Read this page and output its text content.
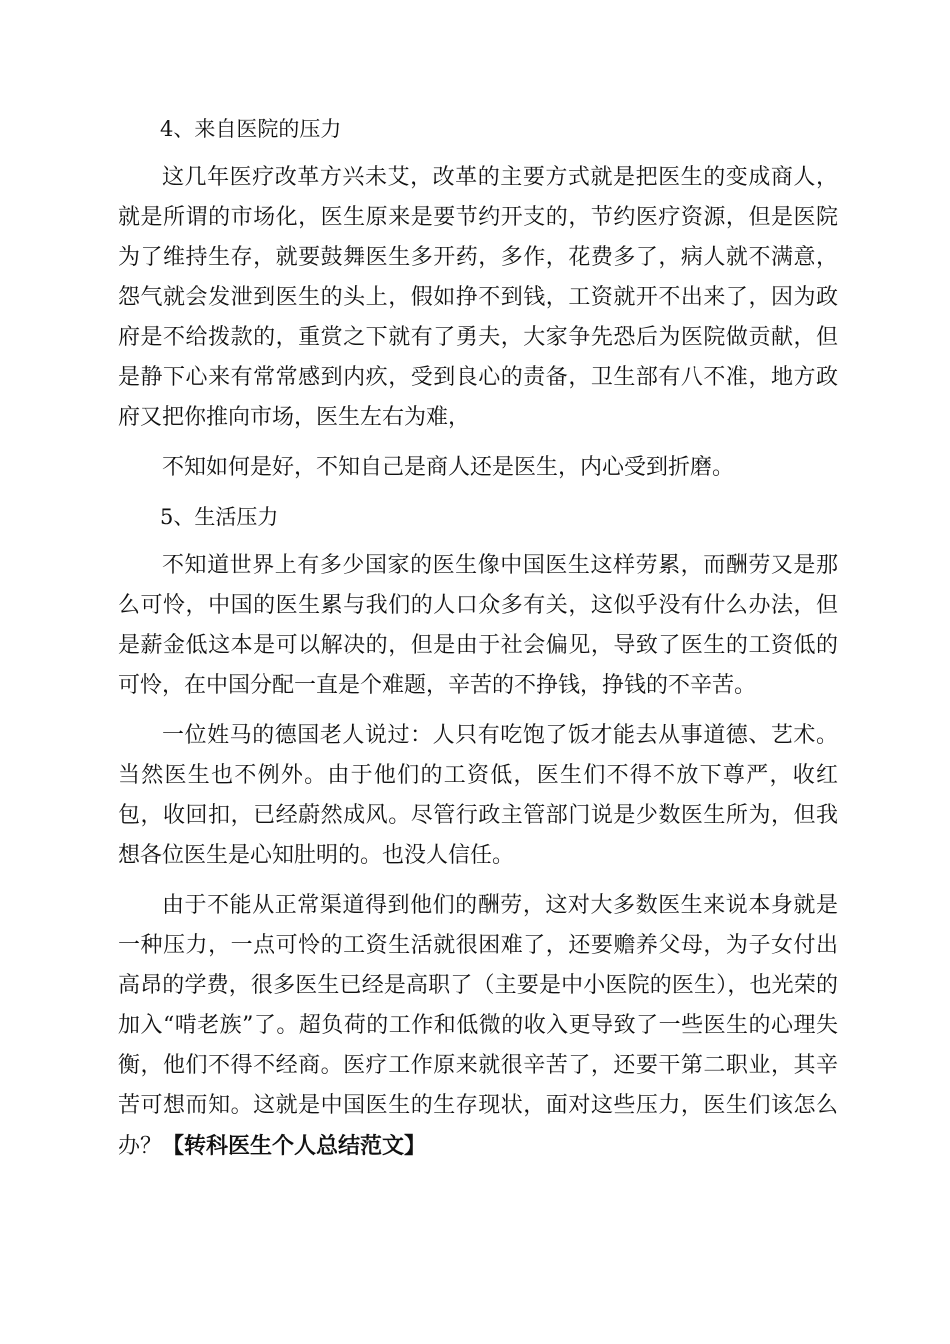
4、来自医院的压力

这几年医疗改革方兴未艾，改革的主要方式就是把医生的变成商人，就是所谓的市场化，医生原来是要节约开支的，节约医疗资源，但是医院为了维持生存，就要鼓舞医生多开药，多作，花费多了，病人就不满意，怨气就会发泄到医生的头上，假如挣不到钱，工资就开不出来了，因为政府是不给拨款的，重赏之下就有了勇夫，大家争先恐后为医院做贡献，但是静下心来有常常感到内疚，受到良心的责备，卫生部有八不准，地方政府又把你推向市场，医生左右为难，

不知如何是好，不知自己是商人还是医生，内心受到折磨。

5、生活压力

不知道世界上有多少国家的医生像中国医生这样劳累，而酬劳又是那么可怜，中国的医生累与我们的人口众多有关，这似乎没有什么办法，但是薪金低这本是可以解决的，但是由于社会偏见，导致了医生的工资低的可怜，在中国分配一直是个难题，辛苦的不挣钱，挣钱的不辛苦。

一位姓马的德国老人说过：人只有吃饱了饭才能去从事道德、艺术。当然医生也不例外。由于他们的工资低，医生们不得不放下尊严，收红包，收回扣，已经蔚然成风。尽管行政主管部门说是少数医生所为，但我想各位医生是心知肚明的。也没人信任。

由于不能从正常渠道得到他们的酬劳，这对大多数医生来说本身就是一种压力，一点可怜的工资生活就很困难了，还要赡养父母，为子女付出高昂的学费，很多医生已经是高职了（主要是中小医院的医生），也光荣的加入“啃老族”了。超负荷的工作和低微的收入更导致了一些医生的心理失衡，他们不得不经商。医疗工作原来就很辛苦了，还要干第二职业，其辛苦可想而知。这就是中国医生的生存现状，面对这些压力，医生们该怎么办？【转科医生个人总结范文】
